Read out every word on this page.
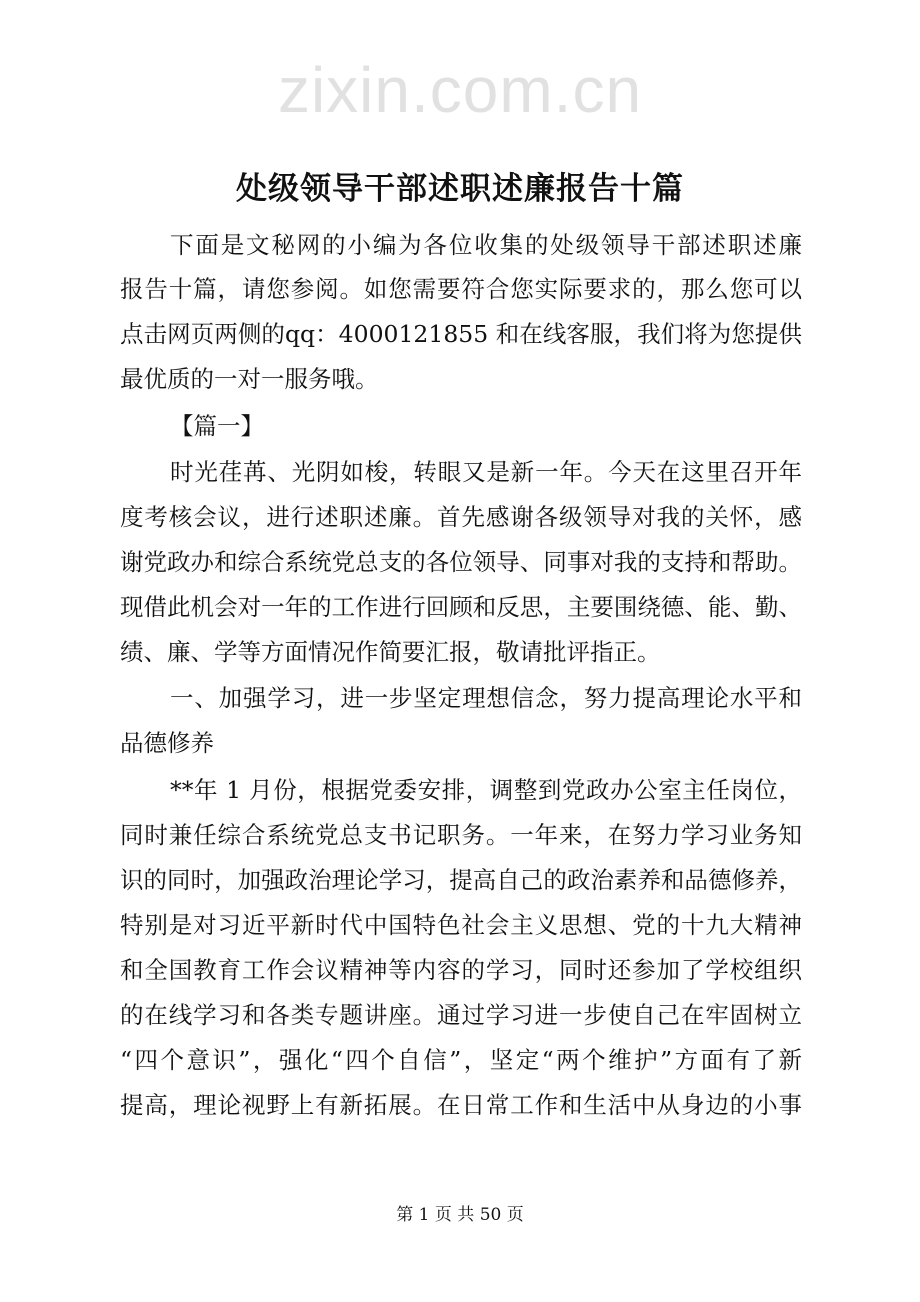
zixin.com.cn
处级领导干部述职述廉报告十篇
下面是文秘网的小编为各位收集的处级领导干部述职述廉
报告十篇，请您参阅。如您需要符合您实际要求的，那么您可以
点击网页两侧的qq：4000121855 和在线客服，我们将为您提供
最优质的一对一服务哦。
【篇一】
时光荏苒、光阴如梭，转眼又是新一年。今天在这里召开年
度考核会议，进行述职述廉。首先感谢各级领导对我的关怀，感
谢党政办和综合系统党总支的各位领导、同事对我的支持和帮助。
现借此机会对一年的工作进行回顾和反思，主要围绕德、能、勤、
绩、廉、学等方面情况作简要汇报，敬请批评指正。
一、加强学习，进一步坚定理想信念，努力提高理论水平和
品德修养
**年 1 月份，根据党委安排，调整到党政办公室主任岗位，
同时兼任综合系统党总支书记职务。一年来，在努力学习业务知
识的同时，加强政治理论学习，提高自己的政治素养和品德修养，
特别是对习近平新时代中国特色社会主义思想、党的十九大精神
和全国教育工作会议精神等内容的学习，同时还参加了学校组织
的在线学习和各类专题讲座。通过学习进一步使自己在牢固树立
“四个意识”，强化“四个自信”，坚定“两个维护”方面有了新
提高，理论视野上有新拓展。在日常工作和生活中从身边的小事
第 1 页 共 50 页
